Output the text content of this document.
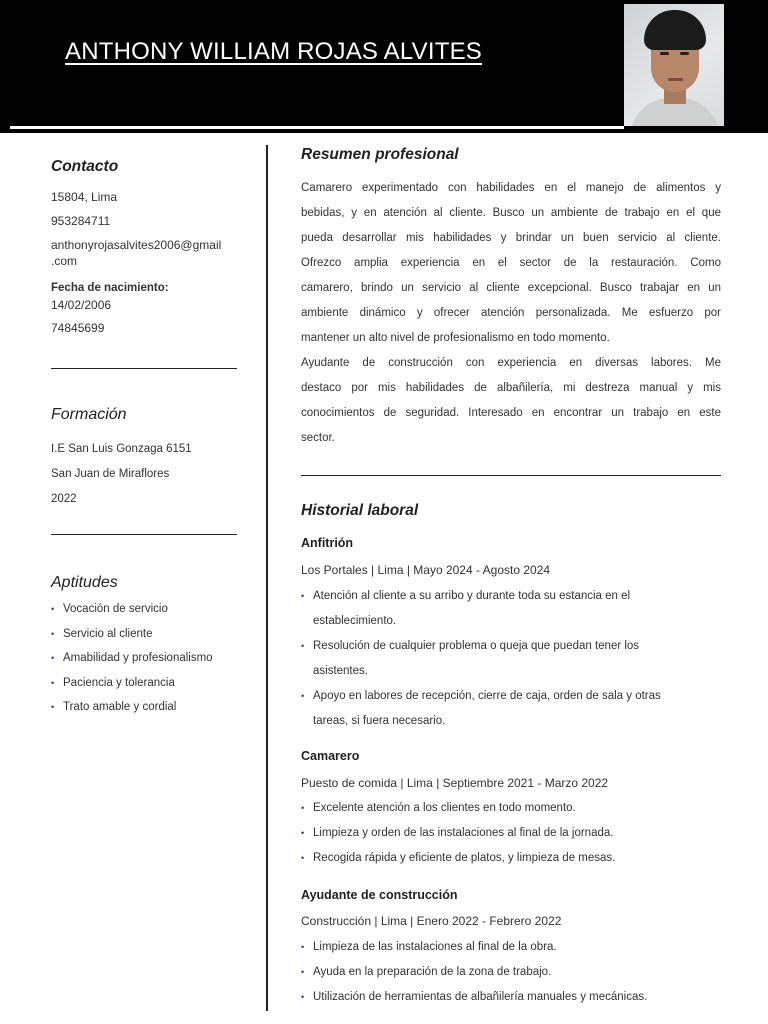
ANTHONY WILLIAM ROJAS ALVITES
Contacto
15804, Lima
953284711
anthonyrojasalvites2006@gmail
.com
Fecha de nacimiento:
14/02/2006
74845699
Formación
I.E San Luis Gonzaga 6151
San Juan de Miraflores
2022
Aptitudes
• Vocación de servicio
• Servicio al cliente
• Amabilidad y profesionalismo
• Paciencia y tolerancia
• Trato amable y cordial
Resumen profesional
Camarero experimentado con habilidades en el manejo de alimentos y
bebidas, y en atención al cliente. Busco un ambiente de trabajo en el que
pueda desarrollar mis habilidades y brindar un buen servicio al cliente.
Ofrezco amplia experiencia en el sector de la restauración. Como
camarero, brindo un servicio al cliente excepcional. Busco trabajar en un
ambiente dinámico y ofrecer atención personalizada. Me esfuerzo por
mantener un alto nivel de profesionalismo en todo momento.
Ayudante de construcción con experiencia en diversas labores. Me
destaco por mis habilidades de albañilería, mi destreza manual y mis
conocimientos de seguridad. Interesado en encontrar un trabajo en este
sector.
Historial laboral
Anfitrión
Los Portales | Lima | Mayo 2024 - Agosto 2024
• Atención al cliente a su arribo y durante toda su estancia en el
establecimiento.
• Resolución de cualquier problema o queja que puedan tener los
asistentes.
• Apoyo en labores de recepción, cierre de caja, orden de sala y otras
tareas, si fuera necesario.
Camarero
Puesto de comida | Lima | Septiembre 2021 - Marzo 2022
• Excelente atención a los clientes en todo momento.
• Limpieza y orden de las instalaciones al final de la jornada.
• Recogida rápida y eficiente de platos, y limpieza de mesas.
Ayudante de construcción
Construcción | Lima | Enero 2022 - Febrero 2022
• Limpieza de las instalaciones al final de la obra.
• Ayuda en la preparación de la zona de trabajo.
• Utilización de herramientas de albañilería manuales y mecánicas.
